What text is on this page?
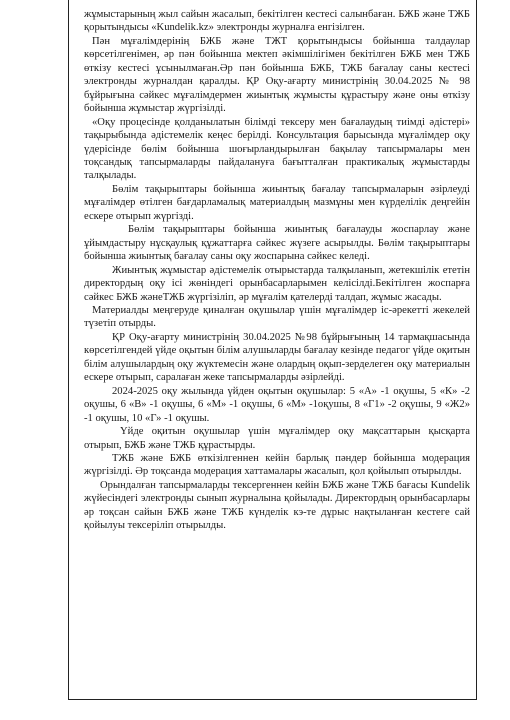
жұмыстарының жыл сайын жасалып, бекітілген кестесі салынбаған. БЖБ және ТЖБ қорытындысы «Kundelik.kz» электронды журналға енгізілген.

Пән мұғалімдерінің БЖБ және ТЖТ қорытындысы бойынша талдаулар көрсетілгенімен, әр пән бойынша мектеп әкімшілігімен бекітілген БЖБ мен ТЖБ өткізу кестесі ұсынылмаған.Әр пән бойынша БЖБ, ТЖБ бағалау саны кестесі электронды журналдан қаралды. ҚР Оқу-ағарту министрінің 30.04.2025 № 98 бұйрығына сәйкес мұғалімдермен жиынтық жұмысты құрастыру және оны өткізу бойынша жұмыстар жүргізілді.

«Оқу процесінде қолданылатын білімді тексеру мен бағалаудың тиімді әдістері» тақырыбында әдістемелік кеңес берілді. Консультация барысында мұғалімдер оқу үдерісінде бөлім бойынша шоғырландырылған бақылау тапсырмалары мен тоқсандық тапсырмаларды пайдалануға бағытталған практикалық жұмыстарды талқылады.

Бөлім тақырыптары бойынша жиынтық бағалау тапсырмаларын әзірлеуді мұғалімдер өтілген бағдарламалық материалдың мазмұны мен күрделілік деңгейін ескере отырып жүргізді.

Бөлім тақырыптары бойынша жиынтық бағалауды жоспарлау және ұйымдастыру нұсқаулық құжаттарға сәйкес жүзеге асырылды. Бөлім тақырыптары бойынша жиынтық бағалау саны оқу жоспарына сәйкес келеді.

Жиынтық жұмыстар әдістемелік отырыстарда талқыланып, жетекшілік ететін директордың оқу ісі жөніндегі орынбасарларымен келісілді.Бекітілген жоспарға сәйкес БЖБ жәнеТЖБ жүргізіліп, әр мұғалім қателерді талдап, жұмыс жасады.

Материалды меңгеруде қиналған оқушылар үшін мұғалімдер іс-әрекетті жекелей түзетіп отырды.

ҚР Оқу-ағарту министрінің 30.04.2025 №98 бұйрығының 14 тармақшасында көрсетілгендей үйде оқытын білім алушыларды бағалау кезінде педагог үйде оқитын білім алушылардың оқу жүктемесін және олардың оқып-зерделеген оқу материалын ескере отырып, саралаған жеке тапсырмаларды әзірлейді.

2024-2025 оқу жылында үйден оқытын оқушылар: 5 «А» -1 оқушы, 5 «К» -2 оқушы, 6 «В» -1 оқушы, 6 «М» -1 оқушы, 6 «М» -1оқушы, 8 «Г1» -2 оқушы, 9 «Ж2» -1 оқушы, 10 «Г» -1 оқушы.

Үйде оқитын оқушылар үшін мұғалімдер оқу мақсаттарын қысқарта отырып, БЖБ және ТЖБ құрастырды.

ТЖБ және БЖБ өткізілгеннен кейін барлық пәндер бойынша модерация жүргізілді. Әр тоқсанда модерация хаттамалары жасалып, қол қойылып отырылды.

Орындалған тапсырмаларды тексергеннен кейін БЖБ және ТЖБ бағасы Kundelik жүйесіндегі электронды сынып журналына қойылады. Директордың орынбасарлары әр тоқсан сайын БЖБ және ТЖБ күнделік кэ-те дұрыс нақтыланған кестеге сай қойылуы тексеріліп отырылды.
